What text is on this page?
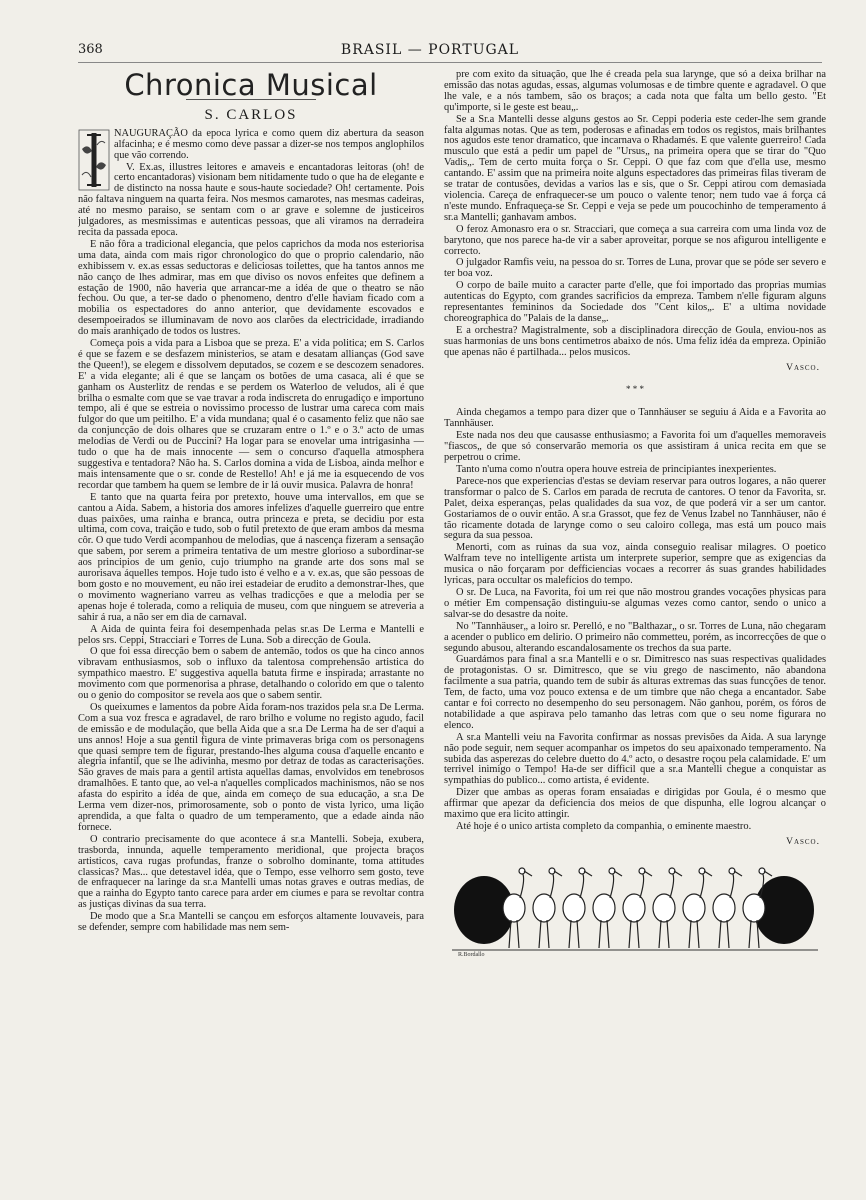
368	BRASIL — PORTUGAL
Chronica Musical
S. CARLOS

NAUGURAÇÃO da epoca lyrica e como quem diz abertura da season alfacinha; e é mesmo como deve passar a dizer-se nos tempos anglophilos que vão correndo.

V. Ex.as, illustres leitores e amaveis e encantadoras leitoras (oh! de certo encantadoras) visionam bem nitidamente tudo o que ha de elegante e de distincto na nossa haute e sous-haute sociedade? Oh! certamente. Pois não faltava ninguem na quarta feira. Nos mesmos camarotes, nas mesmas cadeiras, até no mesmo paraiso, se sentam com o ar grave e solemne de justiceiros julgadores, as mesmissimas e autenticas pessoas, que ali viramos na derradeira recita da passada epoca.

E não fôra a tradicional elegancia, que pelos caprichos da moda nos esteriorisa uma data, ainda com mais rigor chronologico do que o proprio calendario, não exhibissem v. ex.as essas seductoras e deliciosas toilettes, que ha tantos annos me não canço de lhes admirar, mas em que diviso os novos enfeites que definem a estação de 1900, não haveria que arrancar-me a idéa de que o theatro se não fechou. Ou que, a ter-se dado o phenomeno, dentro d'elle haviam ficado com a mobilia os espectadores do anno anterior, que devidamente escovados e desempoeirados se illuminavam de novo aos clarões da electricidade, irradiando do mais aranhiçado de todos os lustres.

Começa pois a vida para a Lisboa que se preza. E' a vida politica; em S. Carlos é que se fazem e se desfazem ministerios, se atam e desatam allianças (God save the Queen!), se elegem e dissolvem deputados, se cozem e se descozem senadores. E' a vida elegante; ali é que se lançam os botões de uma casaca, ali é que se ganham os Austerlitz de rendas e se perdem os Waterloo de veludos, ali é que brilha o esmalte com que se vae travar a roda indiscreta do enrugadiço e importuno tempo, ali é que se estreia o novissimo processo de lustrar uma careca com mais fulgor do que um peitilho. E' a vida mundana; qual é o casamento feliz que não sae da conjuncção de dois olhares que se cruzaram entre o 1.º e o 3.º acto de umas melodias de Verdi ou de Puccini? Ha logar para se enovelar uma intrigasinha — tudo o que ha de mais innocente — sem o concurso d'aquella atmosphera suggestiva e tentadora? Não ha. S. Carlos domina a vida de Lisboa, ainda melhor e mais intensamente que o sr. conde de Restello! Ah! e já me ia esquecendo de vos recordar que tambem ha quem se lembre de ir lá ouvir musica. Palavra de honra!

E tanto que na quarta feira por pretexto, houve uma intervallos, em que se cantou a Aida. Sabem, a historia dos amores infelizes d'aquelle guerreiro que entre duas paixões, uma rainha e branca, outra princeza e preta, se decidiu por esta ultima, com cova, traição e tudo, sob o futil pretexto de que eram ambos da mesma côr. O que tudo Verdi acompanhou de melodias, que á nascença fizeram a sensação que sabem, por serem a primeira tentativa de um mestre glorioso a subordinar-se aos principios de um genio, cujo triumpho na grande arte dos sons mal se aurorisava áquelles tempos. Hoje tudo isto é velho e a v. ex.as, que são pessoas de bom gosto e no mouvement, eu não irei estadeiar de erudito a demonstrar-lhes, que o movimento wagneriano varreu as velhas tradicções e que a melodia per se apenas hoje é tolerada, como a reliquia de museu, com que ninguem se atreveria a sahir á rua, a não ser em dia de carnaval.

A Aida de quinta feira foi desempenhada pelas sr.as De Lerma e Mantelli e pelos srs. Ceppi, Stracciari e Torres de Luna. Sob a direcção de Goula.

O que foi essa direcção bem o sabem de antemão, todos os que ha cinco annos vibravam enthusiasmos, sob o influxo da talentosa comprehensão artistica do sympathico maestro. E' suggestiva aquella batuta firme e inspirada; arrastante no movimento com que pormenorisa a phrase, detalhando o colorido em que o talento ou o genio do compositor se revela aos que o sabem sentir.

Os queixumes e lamentos da pobre Aida foram-nos trazidos pela sr.a De Lerma. Com a sua voz fresca e agradavel, de raro brilho e volume no registo agudo, facil de emissão e de modulação, que bella Aida que a sr.a De Lerma ha de ser d'aqui a uns annos! Hoje a sua gentil figura de vinte primaveras briga com os personagens que quasi sempre tem de figurar, prestando-lhes alguma cousa d'aquelle encanto e alegria infantil, que se lhe adivinha, mesmo por detraz de todas as caracterisações. São graves de mais para a gentil artista aquellas damas, envolvidos em tenebrosos dramalhões. E tanto que, ao vel-a n'aquelles complicados machinismos, não se nos afasta do espirito a idéa de que, ainda em começo de sua educação, a sr.a De Lerma vem dizer-nos, primorosamente, sob o ponto de vista lyrico, uma lição aprendida, a que falta o quadro de um temperamento, que a edade ainda não fornece.

O contrario precisamente do que acontece á sr.a Mantelli. Sobeja, exubera, trasborda, innunda, aquelle temperamento meridional, que projecta braços artisticos, cava rugas profundas, franze o sobrolho dominante, toma attitudes classicas? Mas... que detestavel idéa, que o Tempo, esse velhorro sem gosto, teve de enfraquecer na laringe da sr.a Mantelli umas notas graves e outras medias, de que a rainha do Egypto tanto carece para arder em ciumes e para se revoltar contra as justiças divinas da sua terra.

De modo que a Sr.a Mantelli se cançou em esforços altamente louvaveis, para se defender, sempre com habilidade mas nem sem-

pre com exito da situação, que lhe é creada pela sua larynge, que só a deixa brilhar na emissão das notas agudas, essas, algumas volumosas e de timbre quente e agradavel. O que lhe vale, e a nós tambem, são os braços; a cada nota que falta um bello gesto. "Et qu'importe, si le geste est beau„.

Se a Sr.a Mantelli desse alguns gestos ao Sr. Ceppi poderia este ceder-lhe sem grande falta algumas notas. Que as tem, poderosas e afinadas em todos os registos, mais brilhantes nos agudos este tenor dramatico, que incarnava o Rhadamés. E que valente guerreiro! Cada musculo que está a pedir um papel de "Ursus„ na primeira opera que se tirar do "Quo Vadis„. Tem de certo muita força o Sr. Ceppi. O que faz com que d'ella use, mesmo cantando. E' assim que na primeira noite alguns espectadores das primeiras filas tiveram de se tratar de contusões, devidas a varios las e sis, que o Sr. Ceppi atirou com demasiada violencia. Careça de enfraquecer-se um pouco o valente tenor; nem tudo vae á força cá n'este mundo. Enfraqueça-se Sr. Ceppi e veja se pede um poucochinho de temperamento á sr.a Mantelli; ganhavam ambos.

O feroz Amonasro era o sr. Stracciari, que começa a sua carreira com uma linda voz de barytono, que nos parece ha-de vir a saber aproveitar, porque se nos afigurou intelligente e correcto.

O julgador Ramfis veiu, na pessoa do sr. Torres de Luna, provar que se póde ser severo e ter boa voz.

O corpo de baile muito a caracter parte d'elle, que foi importado das proprias mumias autenticas do Egypto, com grandes sacrificios da empreza. Tambem n'elle figuram alguns representantes femininos da Sociedade dos "Cent kilos„. E' a ultima novidade choreographica do "Palais de la danse„.

E a orchestra? Magistralmente, sob a disciplinadora direcção de Goula, enviou-nos as suas harmonias de uns bons centimetros abaixo de nós. Uma feliz idéa da empreza. Opinião que apenas não é partilhada... pelos musicos.

Vasco.
* * *

Ainda chegamos a tempo para dizer que o Tannhäuser se seguiu á Aida e a Favorita ao Tannhäuser.

Este nada nos deu que causasse enthusiasmo; a Favorita foi um d'aquelles memoraveis "fiascos„ de que só conservarão memoria os que assistiram á unica recita em que se perpetrou o crime.

Tanto n'uma como n'outra opera houve estreia de principiantes inexperientes.

Parece-nos que experiencias d'estas se deviam reservar para outros logares, a não querer transformar o palco de S. Carlos em parada de recruta de cantores. O tenor da Favorita, sr. Palet, deixa esperanças, pelas qualidades da sua voz, de que poderá vir a ser um cantor. Gostariamos de o ouvir então. A sr.a Grassot, que fez de Venus Izabel no Tannhäuser, não é tão ricamente dotada de laryngе como o seu caloiro collega, mas está um pouco mais segura da sua pessoa.

Menorti, com as ruinas da sua voz, ainda conseguio realisar milagres. O poetico Walfram teve no intelligente artista um interprete superior, sempre que as exigencias da musica o não forçaram por defficiencias vocaes a recorrer ás suas grandes habilidades lyricas, para occultar os malefícios do tempo.

O sr. De Luca, na Favorita, foi um rei que não mostrou grandes vocações physicas para o métier Em compensação distinguiu-se algumas vezes como cantor, sendo o unico a salvar-se do desastre da noite.

No "Tannhäuser„ a loiro sr. Perelló, e no "Balthazar„ o sr. Torres de Luna, não chegaram a acender o publico em delirio. O primeiro não commetteu, porém, as incorrecções de que o segundo abusou, alterando escandalosamente os trechos da sua parte.

Guardámos para final a sr.a Mantelli e o sr. Dimitresco nas suas respectivas qualidades de protagonistas. O sr. Dimitresco, que se viu grego de nascimento, não abandona facilmente a sua patria, quando tem de subir ás alturas extremas das suas funcções de tenor. Tem, de facto, uma voz pouco extensa e de um timbre que não chega a encantador. Sabe cantar e foi correcto no desempenho do seu personagem. Não ganhou, porém, os fóros de notabilidade a que aspirava pelo tamanho das letras com que o seu nome figurara no elenco.

A sr.a Mantelli veiu na Favorita confirmar as nossas previsões da Aida. A sua larynge não pode seguir, nem sequer acompanhar os impetos do seu apaixonado temperamento. Na subida das asperezas do celebre duetto do 4.º acto, o desastre roçou pela calamidade. E' um terrivel inimigo o Tempo! Ha-de ser difficil que a sr.a Mantelli chegue a conquistar as sympathias do publico... como artista, é evidente.

Dizer que ambas as operas foram ensaiadas e dirigidas por Goula, é o mesmo que affirmar que apezar da deficiencia dos meios de que dispunha, elle logrou alcançar o maximo que era licito attingir.

Até hoje é o unico artista completo da companhia, o eminente maestro.

Vasco.
R.Bordallo
